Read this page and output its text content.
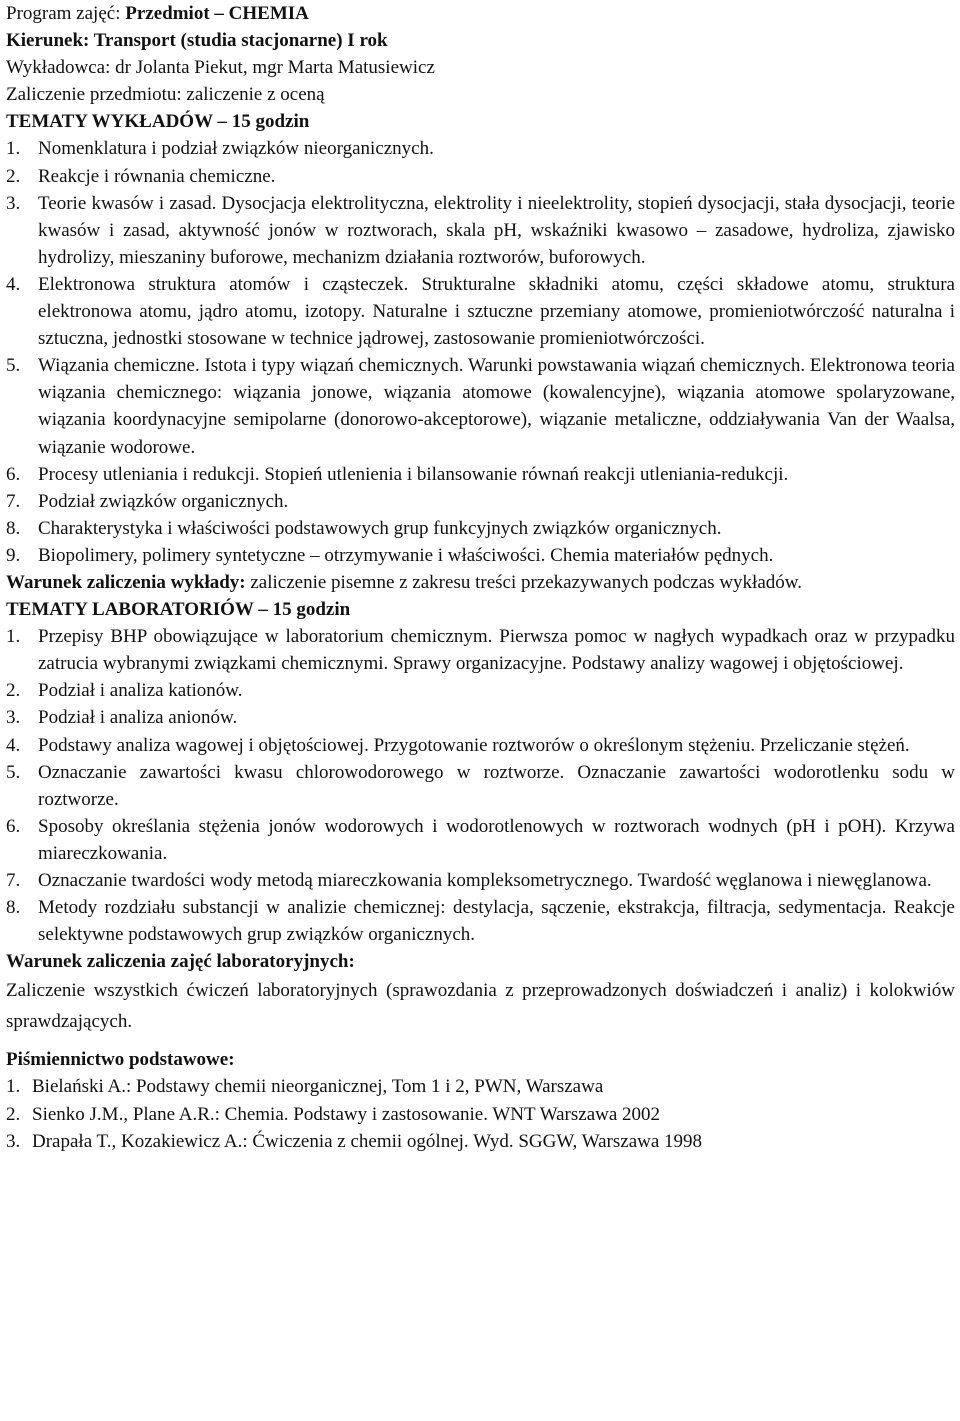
Program zajęć: Przedmiot – CHEMIA
Kierunek: Transport (studia stacjonarne) I rok
Wykładowca: dr Jolanta Piekut, mgr Marta Matusiewicz
Zaliczenie przedmiotu: zaliczenie z oceną
TEMATY WYKŁADÓW – 15 godzin
1. Nomenklatura i podział związków nieorganicznych.
2. Reakcje i równania chemiczne.
3. Teorie kwasów i zasad. Dysocjacja elektrolityczna, elektrolity i nieelektrolity, stopień dysocjacji, stała dysocjacji, teorie kwasów i zasad, aktywność jonów w roztworach, skala pH, wskaźniki kwasowo – zasadowe, hydroliza, zjawisko hydrolizy, mieszaniny buforowe, mechanizm działania roztworów, buforowych.
4. Elektronowa struktura atomów i cząsteczek. Strukturalne składniki atomu, części składowe atomu, struktura elektronowa atomu, jądro atomu, izotopy. Naturalne i sztuczne przemiany atomowe, promieniotwórczość naturalna i sztuczna, jednostki stosowane w technice jądrowej, zastosowanie promieniotwórczości.
5. Wiązania chemiczne. Istota i typy wiązań chemicznych. Warunki powstawania wiązań chemicznych. Elektronowa teoria wiązania chemicznego: wiązania jonowe, wiązania atomowe (kowalencyjne), wiązania atomowe spolaryzowane, wiązania koordynacyjne semipolarne (donorowo-akceptorowe), wiązanie metaliczne, oddziaływania Van der Waalsa, wiązanie wodorowe.
6. Procesy utleniania i redukcji. Stopień utlenienia i bilansowanie równań reakcji utleniania-redukcji.
7. Podział związków organicznych.
8. Charakterystyka i właściwości podstawowych grup funkcyjnych związków organicznych.
9. Biopolimery, polimery syntetyczne – otrzymywanie i właściwości. Chemia materiałów pędnych.
Warunek zaliczenia wykłady: zaliczenie pisemne z zakresu treści przekazywanych podczas wykładów.
TEMATY LABORATORIÓW – 15 godzin
1. Przepisy BHP obowiązujące w laboratorium chemicznym. Pierwsza pomoc w nagłych wypadkach oraz w przypadku zatrucia wybranymi związkami chemicznymi. Sprawy organizacyjne. Podstawy analizy wagowej i objętościowej.
2. Podział i analiza kationów.
3. Podział i analiza anionów.
4. Podstawy analiza wagowej i objętościowej. Przygotowanie roztworów o określonym stężeniu. Przeliczanie stężeń.
5. Oznaczanie zawartości kwasu chlorowodorowego w roztworze. Oznaczanie zawartości wodorotlenku sodu w roztworze.
6. Sposoby określania stężenia jonów wodorowych i wodorotlenowych w roztworach wodnych (pH i pOH). Krzywa miareczkowania.
7. Oznaczanie twardości wody metodą miareczkowania kompleksometrycznego. Twardość węglanowa i niewęglanowa.
8. Metody rozdziału substancji w analizie chemicznej: destylacja, sączenie, ekstrakcja, filtracja, sedymentacja. Reakcje selektywne podstawowych grup związków organicznych.
Warunek zaliczenia zajęć laboratoryjnych:
Zaliczenie wszystkich ćwiczeń laboratoryjnych (sprawozdania z przeprowadzonych doświadczeń i analiz) i kolokwiów sprawdzających.
Piśmiennictwo podstawowe:
1. Bielański A.: Podstawy chemii nieorganicznej, Tom 1 i 2, PWN, Warszawa
2. Sienko J.M., Plane A.R.: Chemia. Podstawy i zastosowanie. WNT Warszawa 2002
3. Drapała T., Kozakiewicz A.: Ćwiczenia z chemii ogólnej. Wyd. SGGW, Warszawa 1998
